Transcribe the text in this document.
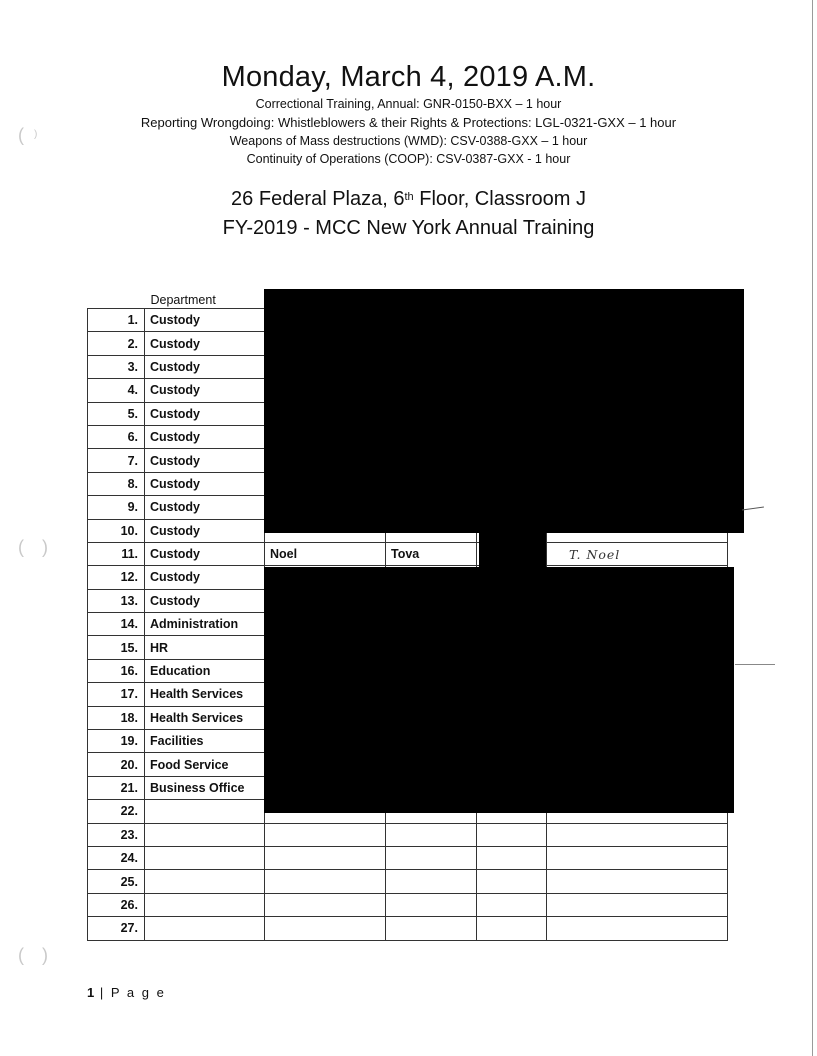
( )
( )
( )
Monday, March 4, 2019 A.M.
Correctional Training, Annual: GNR-0150-BXX – 1 hour
Reporting Wrongdoing: Whistleblowers & their Rights & Protections: LGL-0321-GXX – 1 hour
Weapons of Mass destructions (WMD): CSV-0388-GXX – 1 hour
Continuity of Operations (COOP): CSV-0387-GXX - 1 hour
26 Federal Plaza, 6th Floor, Classroom J
FY-2019 - MCC New York Annual Training
	Department				
1.	Custody				
2.	Custody				
3.	Custody				
4.	Custody				
5.	Custody				
6.	Custody				
7.	Custody				
8.	Custody				
9.	Custody				
10.	Custody				
11.	Custody	Noel	Tova		T. Noel
12.	Custody				
13.	Custody				
14.	Administration				
15.	HR				
16.	Education				
17.	Health Services				
18.	Health Services				
19.	Facilities				
20.	Food Service				
21.	Business Office				
22.					
23.					
24.					
25.					
26.					
27.					
1 | P a g e
